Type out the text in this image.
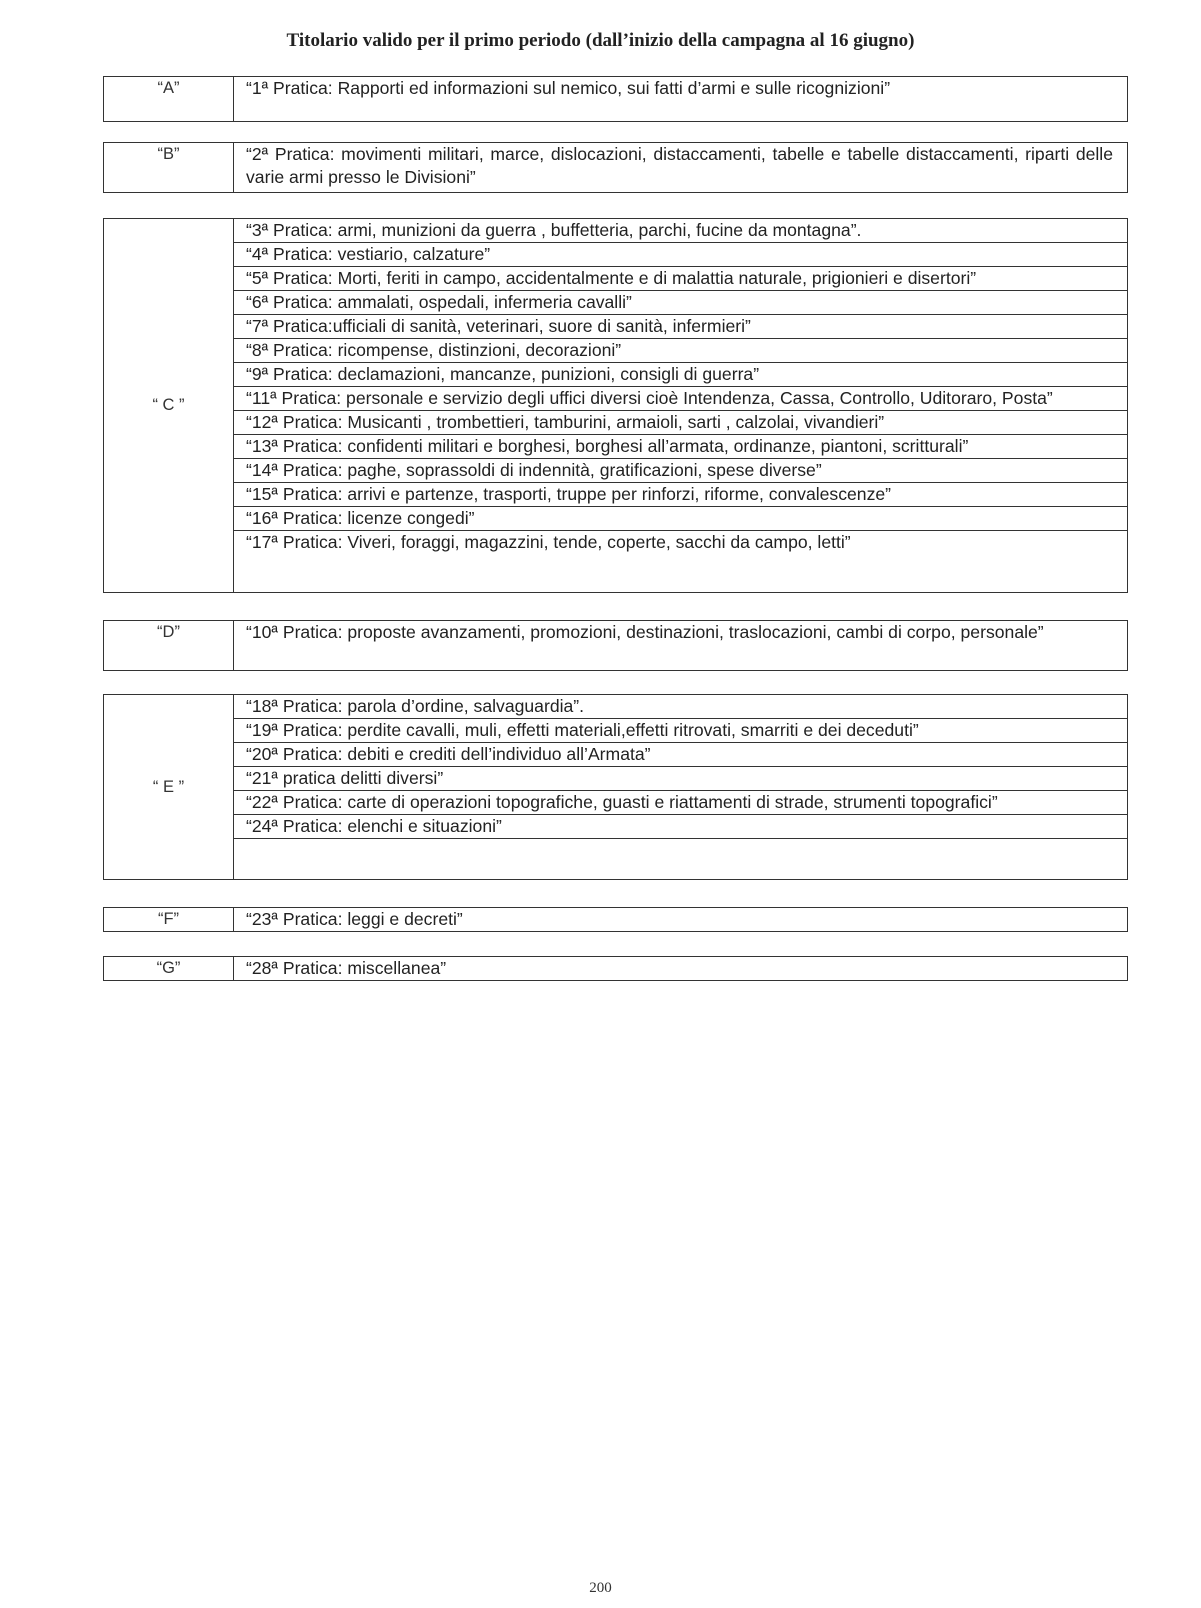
Titolario valido per il primo periodo (dall’inizio della campagna al 16 giugno)
“A”	“1ª Pratica: Rapporti ed informazioni sul nemico, sui fatti d’armi e sulle ricognizioni”
“B”	“2ª Pratica: movimenti militari, marce, dislocazioni, distaccamenti, tabelle e tabelle distaccamenti, riparti delle varie armi presso le Divisioni”
“ C ”
“3ª Pratica: armi, munizioni da guerra , buffetteria, parchi, fucine da montagna”.
“4ª Pratica: vestiario, calzature”
“5ª Pratica: Morti, feriti in campo, accidentalmente e di malattia naturale, prigionieri e disertori”
“6ª Pratica: ammalati, ospedali, infermeria cavalli”
“7ª Pratica:ufficiali di sanità, veterinari, suore di sanità, infermieri”
“8ª Pratica: ricompense, distinzioni, decorazioni”
“9ª Pratica: declamazioni, mancanze, punizioni, consigli di guerra”
“11ª Pratica: personale e servizio degli uffici diversi cioè Intendenza, Cassa, Controllo, Uditoraro, Posta”
“12ª Pratica: Musicanti , trombettieri, tamburini, armaioli, sarti , calzolai, vivandieri”
“13ª Pratica: confidenti militari e borghesi, borghesi all’armata, ordinanze, piantoni, scritturali”
“14ª Pratica: paghe, soprassoldi di indennità, gratificazioni, spese diverse”
“15ª Pratica: arrivi e partenze, trasporti, truppe per rinforzi, riforme, convalescenze”
“16ª Pratica: licenze congedi”
“17ª Pratica: Viveri, foraggi, magazzini, tende, coperte, sacchi da campo, letti”
“D”	“10ª Pratica: proposte avanzamenti, promozioni, destinazioni, traslocazioni, cambi di corpo, personale”
“ E ”
“18ª Pratica: parola d’ordine, salvaguardia”.
“19ª Pratica: perdite cavalli, muli, effetti materiali,effetti ritrovati, smarriti e dei deceduti”
“20ª Pratica: debiti e crediti dell’individuo all’Armata”
“21ª pratica delitti diversi”
“22ª Pratica: carte di operazioni topografiche, guasti e riattamenti di strade, strumenti topografici”
“24ª Pratica: elenchi e situazioni”
“F”	“23ª Pratica: leggi e decreti”
“G”	“28ª Pratica: miscellanea”
200
